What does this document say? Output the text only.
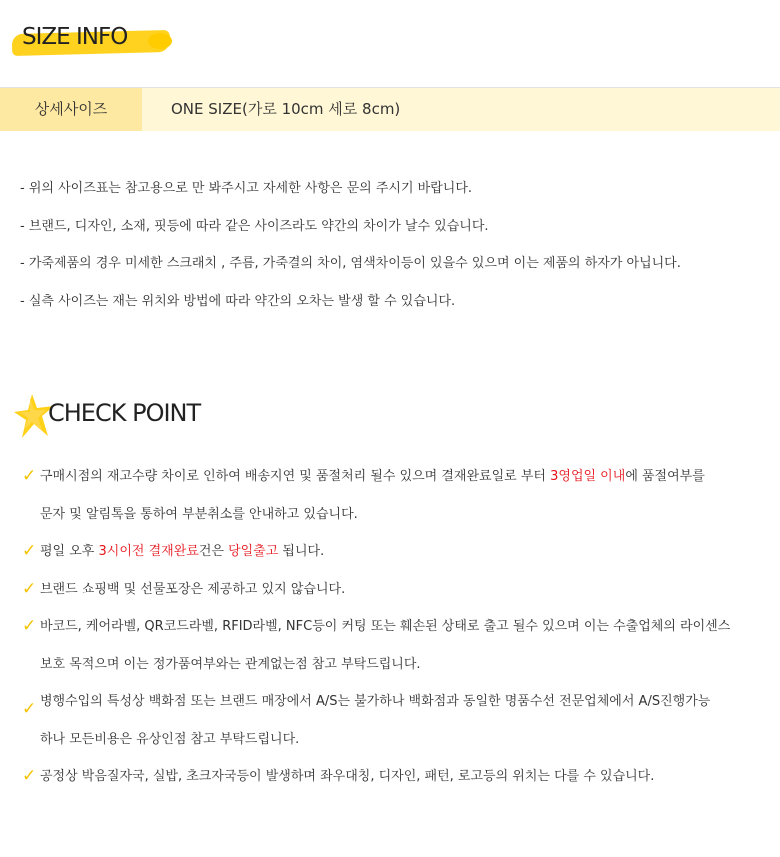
SIZE INFO
상세사이즈	ONE SIZE(가로 10cm 세로 8cm)
- 위의 사이즈표는 참고용으로 만 봐주시고 자세한 사항은 문의 주시기 바랍니다.
- 브랜드, 디자인, 소재, 핏등에 따라 같은 사이즈라도 약간의 차이가 날수 있습니다.
- 가죽제품의 경우 미세한 스크래치 , 주름, 가죽결의 차이, 염색차이등이 있을수 있으며 이는 제품의 하자가 아닙니다.
- 실측 사이즈는 재는 위치와 방법에 따라 약간의 오차는 발생 할 수 있습니다.
CHECK POINT
✓ 구매시점의 재고수량 차이로 인하여 배송지연 및 품절처리 될수 있으며 결재완료일로 부터 3영업일 이내에 품절여부를
문자 및 알림톡을 통하여 부분취소를 안내하고 있습니다.
✓ 평일 오후 3시이전 결재완료건은 당일출고 됩니다.
✓ 브랜드 쇼핑백 및 선물포장은 제공하고 있지 않습니다.
✓ 바코드, 케어라벨, QR코드라벨, RFID라벨, NFC등이 커팅 또는 훼손된 상태로 출고 될수 있으며 이는 수출업체의 라이센스
보호 목적으며 이는 정가품여부와는 관계없는점 참고 부탁드립니다.
✓ 병행수입의 특성상 백화점 또는 브랜드 매장에서 A/S는 불가하나 백화점과 동일한 명품수선 전문업체에서 A/S진행가능
하나 모든비용은 유상인점 참고 부탁드립니다.
✓ 공정상 박음질자국, 실밥, 초크자국등이 발생하며 좌우대칭, 디자인, 패턴, 로고등의 위치는 다를 수 있습니다.
